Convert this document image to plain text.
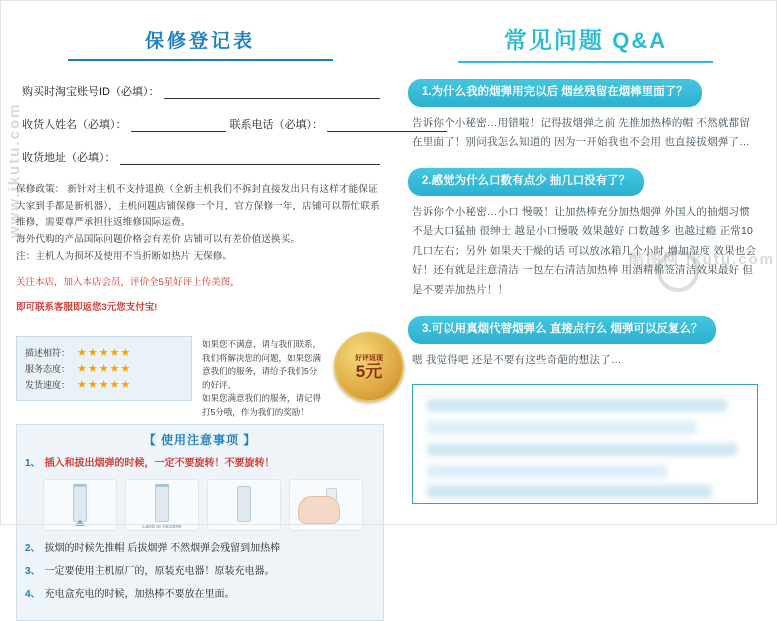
保修登记表
购买时淘宝账号ID（必填）：
收货人姓名（必填）：	联系电话（必填）：
收货地址（必填）：

保修政策： 新针对主机不支持退换（全新主机我们不拆封直接发出只有这样才能保证大家到手都是新机器），主机问题店铺保修一个月，官方保修一年，店铺可以帮忙联系维修，需要尊严承担往返维修国际运费。

海外代购的产品国际问题价格会有差价 店铺可以有差价值送换买。

注：主机人为损坏及使用不当折断如热片 无保修。

关注本店，加入本店会员，评价全5星好评上传美图，

即可联系客服即返您3元您支付宝!

描述相符： ★★★★★
服务态度： ★★★★★
发货速度： ★★★★★
如果您不满意，请与我们联系，我们将解决您的问题，如果您满意我们的服务，请给予我们5分的好评。
如果您满意我们的服务，请记得打5分哦，作为我们的奖励！
好评返现
5元
【 使用注意事项 】
1、 插入和拔出烟弹的时候，一定不要旋转！不要旋转！
Land or nicotine
2、 拔烟的时候先推帽 后拔烟弹 不然烟弹会残留到加热棒
3、 一定要使用主机原厂的，原装充电器！原装充电器。
4、 充电盒充电的时候，加热棒不要放在里面。
常见问题 Q&A
1.为什么我的烟弹用完以后 烟丝残留在烟棒里面了？

告诉你个小秘密…用错啦！记得拔烟弹之前 先推加热棒的帽 不然就都留在里面了！别问我怎么知道的 因为一开始我也不会用 也直接拔烟弹了…

2.感觉为什么口数有点少 抽几口没有了？

告诉你个小秘密…小口 慢吸！让加热棒充分加热烟弹 外国人的抽烟习惯不是大口猛抽 很绅士 越是小口慢吸 效果越好 口数越多 也越过瘾 正常10几口左右；另外 如果天干燥的话 可以放冰箱几个小时 增加湿度 效果也会好！还有就是注意清洁 一包左右清洁加热棒 用酒精棉签清洁效果最好 但是不要弄加热片！！

3.可以用真烟代替烟弹么 直接点行么 烟弹可以反复么？

嗯 我觉得吧 还是不要有这些奇葩的想法了…

www.ikutu.com
酷图网 ikutu.com
